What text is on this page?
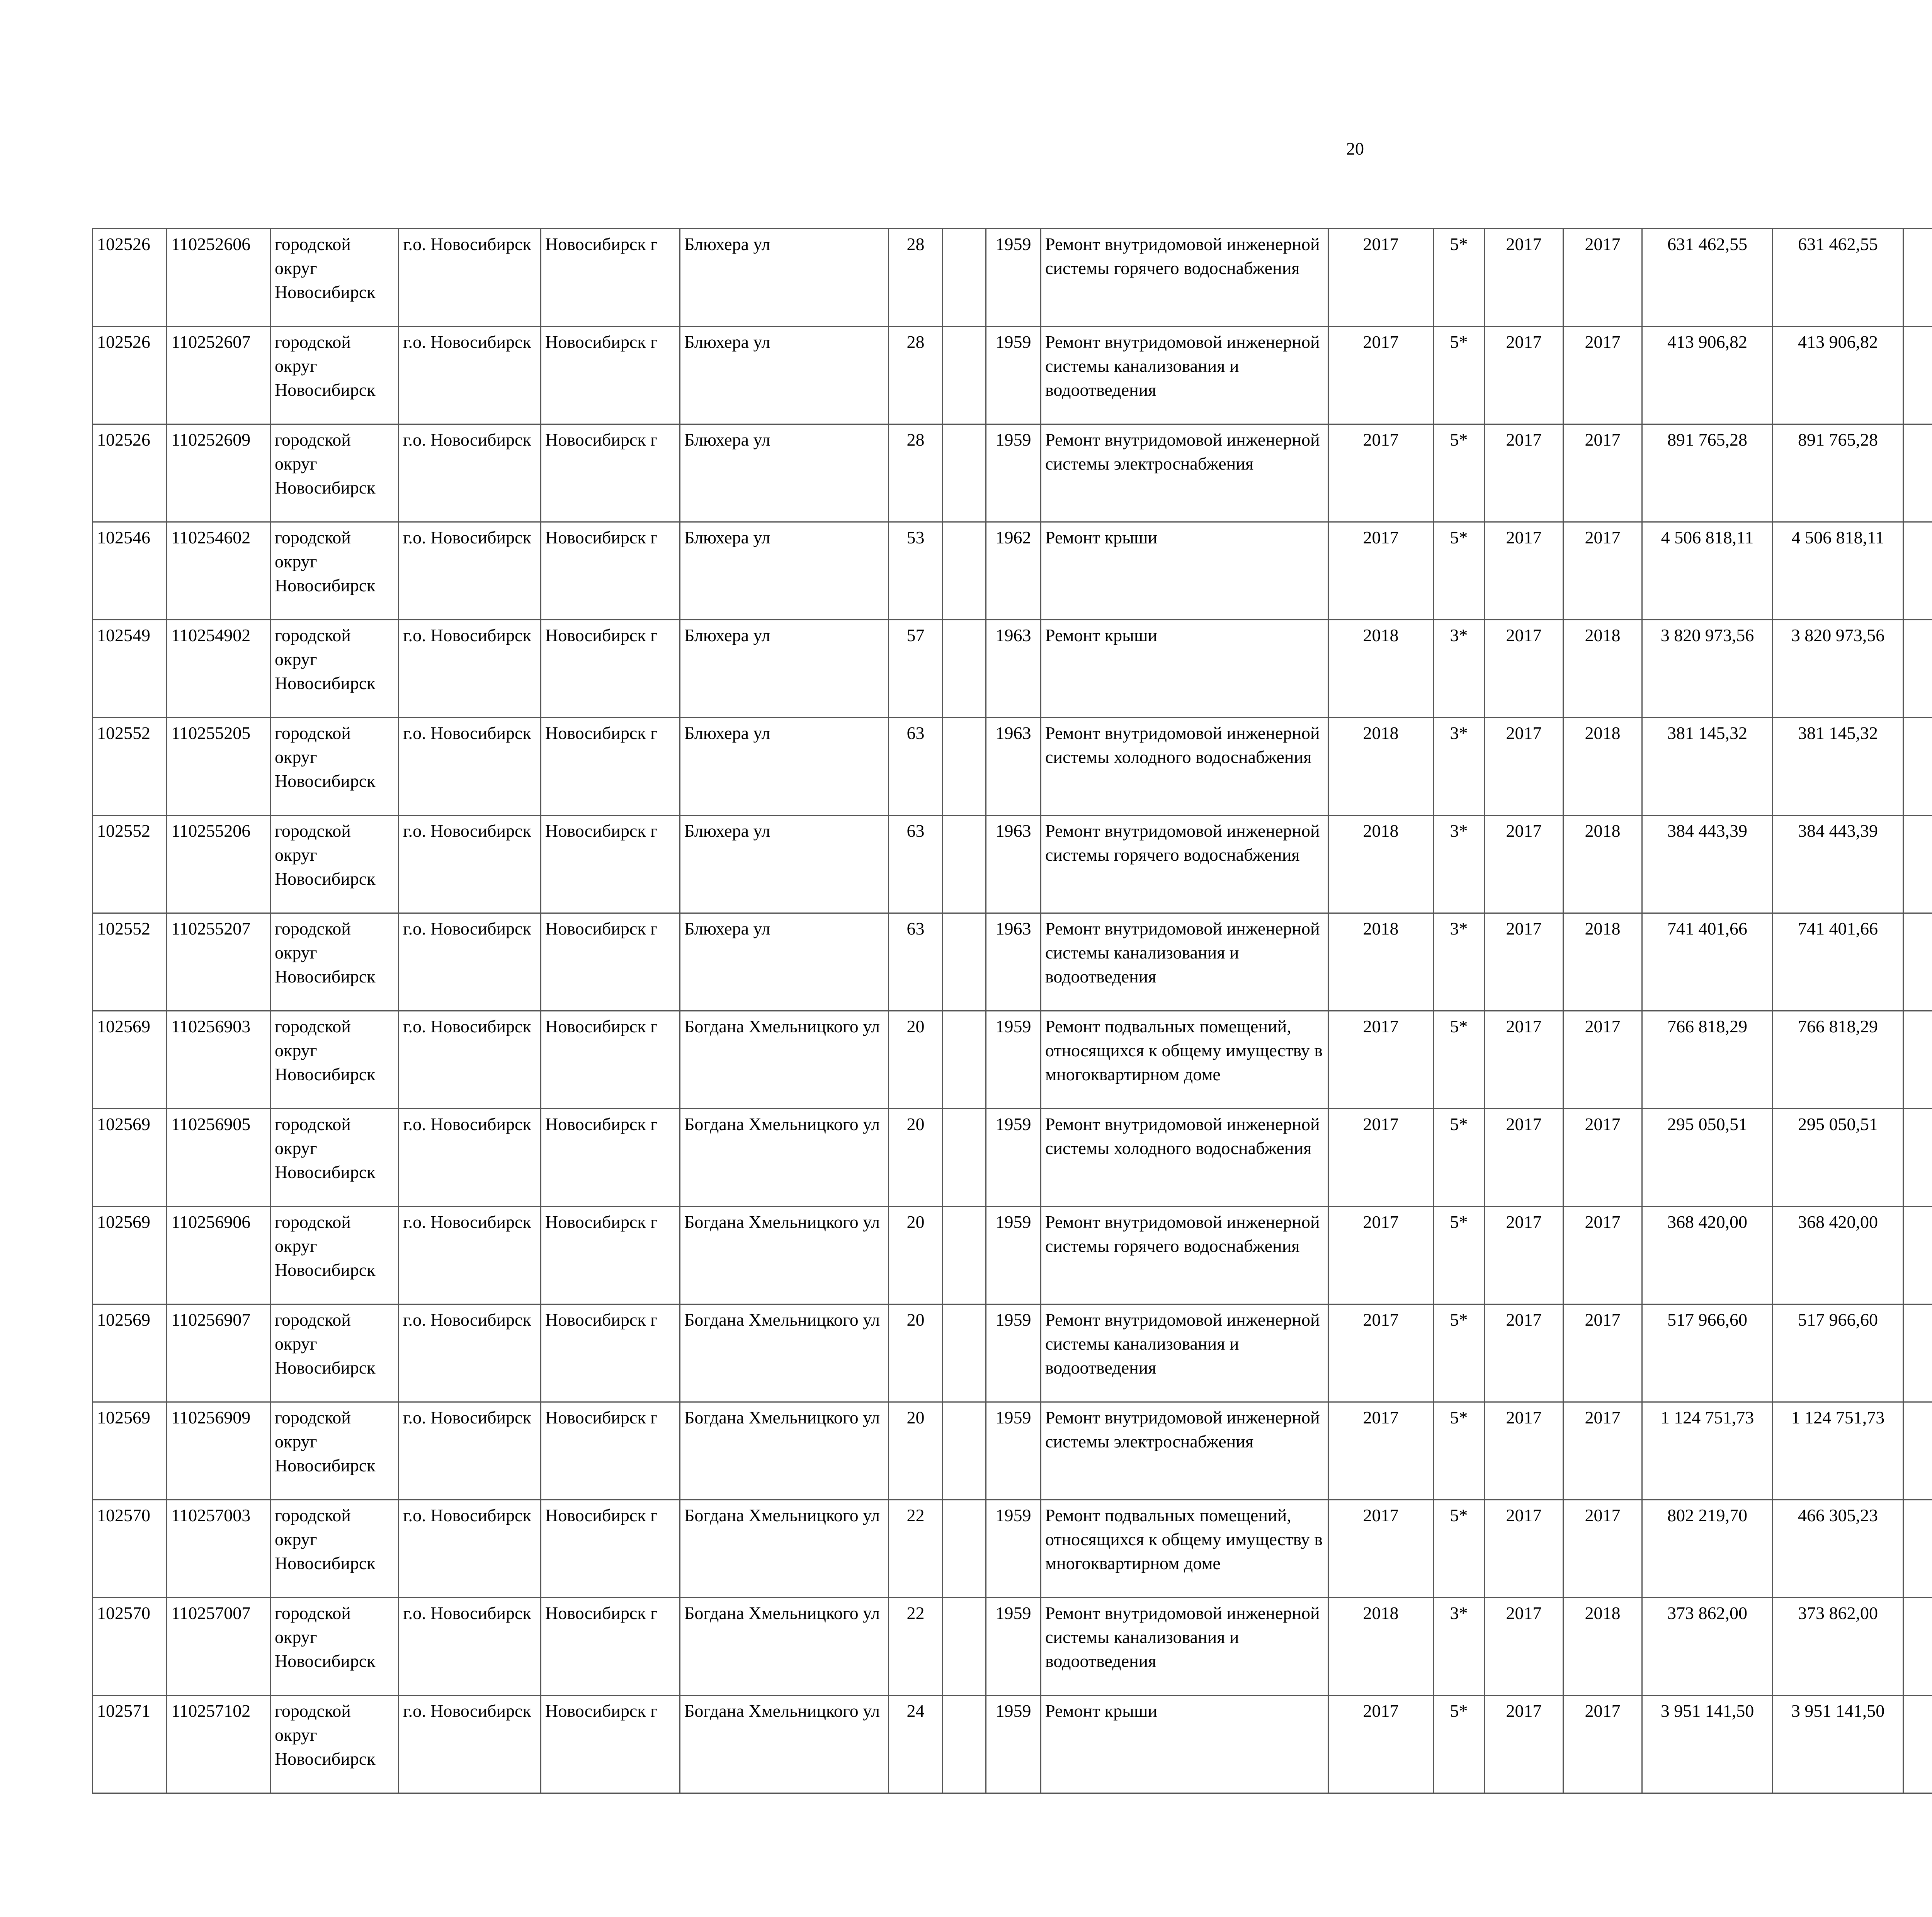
20
102526	110252606	городской округ Новосибирск	г.о. Новосибирск	Новосибирск г	Блюхера ул	28		1959	Ремонт внутридомовой инженерной системы горячего водоснабжения	2017	5*	2017	2017	631 462,55	631 462,55						
102526	110252607	городской округ Новосибирск	г.о. Новосибирск	Новосибирск г	Блюхера ул	28		1959	Ремонт внутридомовой инженерной системы канализования и водоотведения	2017	5*	2017	2017	413 906,82	413 906,82						
102526	110252609	городской округ Новосибирск	г.о. Новосибирск	Новосибирск г	Блюхера ул	28		1959	Ремонт внутридомовой инженерной системы электроснабжения	2017	5*	2017	2017	891 765,28	891 765,28						
102546	110254602	городской округ Новосибирск	г.о. Новосибирск	Новосибирск г	Блюхера ул	53		1962	Ремонт крыши	2017	5*	2017	2017	4 506 818,11	4 506 818,11						
102549	110254902	городской округ Новосибирск	г.о. Новосибирск	Новосибирск г	Блюхера ул	57		1963	Ремонт крыши	2018	3*	2017	2018	3 820 973,56	3 820 973,56						
102552	110255205	городской округ Новосибирск	г.о. Новосибирск	Новосибирск г	Блюхера ул	63		1963	Ремонт внутридомовой инженерной системы холодного водоснабжения	2018	3*	2017	2018	381 145,32	381 145,32						
102552	110255206	городской округ Новосибирск	г.о. Новосибирск	Новосибирск г	Блюхера ул	63		1963	Ремонт внутридомовой инженерной системы горячего водоснабжения	2018	3*	2017	2018	384 443,39	384 443,39						
102552	110255207	городской округ Новосибирск	г.о. Новосибирск	Новосибирск г	Блюхера ул	63		1963	Ремонт внутридомовой инженерной системы канализования и водоотведения	2018	3*	2017	2018	741 401,66	741 401,66						
102569	110256903	городской округ Новосибирск	г.о. Новосибирск	Новосибирск г	Богдана Хмельницкого ул	20		1959	Ремонт подвальных помещений, относящихся к общему имуществу в многоквартирном доме	2017	5*	2017	2017	766 818,29	766 818,29						
102569	110256905	городской округ Новосибирск	г.о. Новосибирск	Новосибирск г	Богдана Хмельницкого ул	20		1959	Ремонт внутридомовой инженерной системы холодного водоснабжения	2017	5*	2017	2017	295 050,51	295 050,51						
102569	110256906	городской округ Новосибирск	г.о. Новосибирск	Новосибирск г	Богдана Хмельницкого ул	20		1959	Ремонт внутридомовой инженерной системы горячего водоснабжения	2017	5*	2017	2017	368 420,00	368 420,00						
102569	110256907	городской округ Новосибирск	г.о. Новосибирск	Новосибирск г	Богдана Хмельницкого ул	20		1959	Ремонт внутридомовой инженерной системы канализования и водоотведения	2017	5*	2017	2017	517 966,60	517 966,60						
102569	110256909	городской округ Новосибирск	г.о. Новосибирск	Новосибирск г	Богдана Хмельницкого ул	20		1959	Ремонт внутридомовой инженерной системы электроснабжения	2017	5*	2017	2017	1 124 751,73	1 124 751,73						
102570	110257003	городской округ Новосибирск	г.о. Новосибирск	Новосибирск г	Богдана Хмельницкого ул	22		1959	Ремонт подвальных помещений, относящихся к общему имуществу в многоквартирном доме	2017	5*	2017	2017	802 219,70	466 305,23						
102570	110257007	городской округ Новосибирск	г.о. Новосибирск	Новосибирск г	Богдана Хмельницкого ул	22		1959	Ремонт внутридомовой инженерной системы канализования и водоотведения	2018	3*	2017	2018	373 862,00	373 862,00						
102571	110257102	городской округ Новосибирск	г.о. Новосибирск	Новосибирск г	Богдана Хмельницкого ул	24		1959	Ремонт крыши	2017	5*	2017	2017	3 951 141,50	3 951 141,50						
